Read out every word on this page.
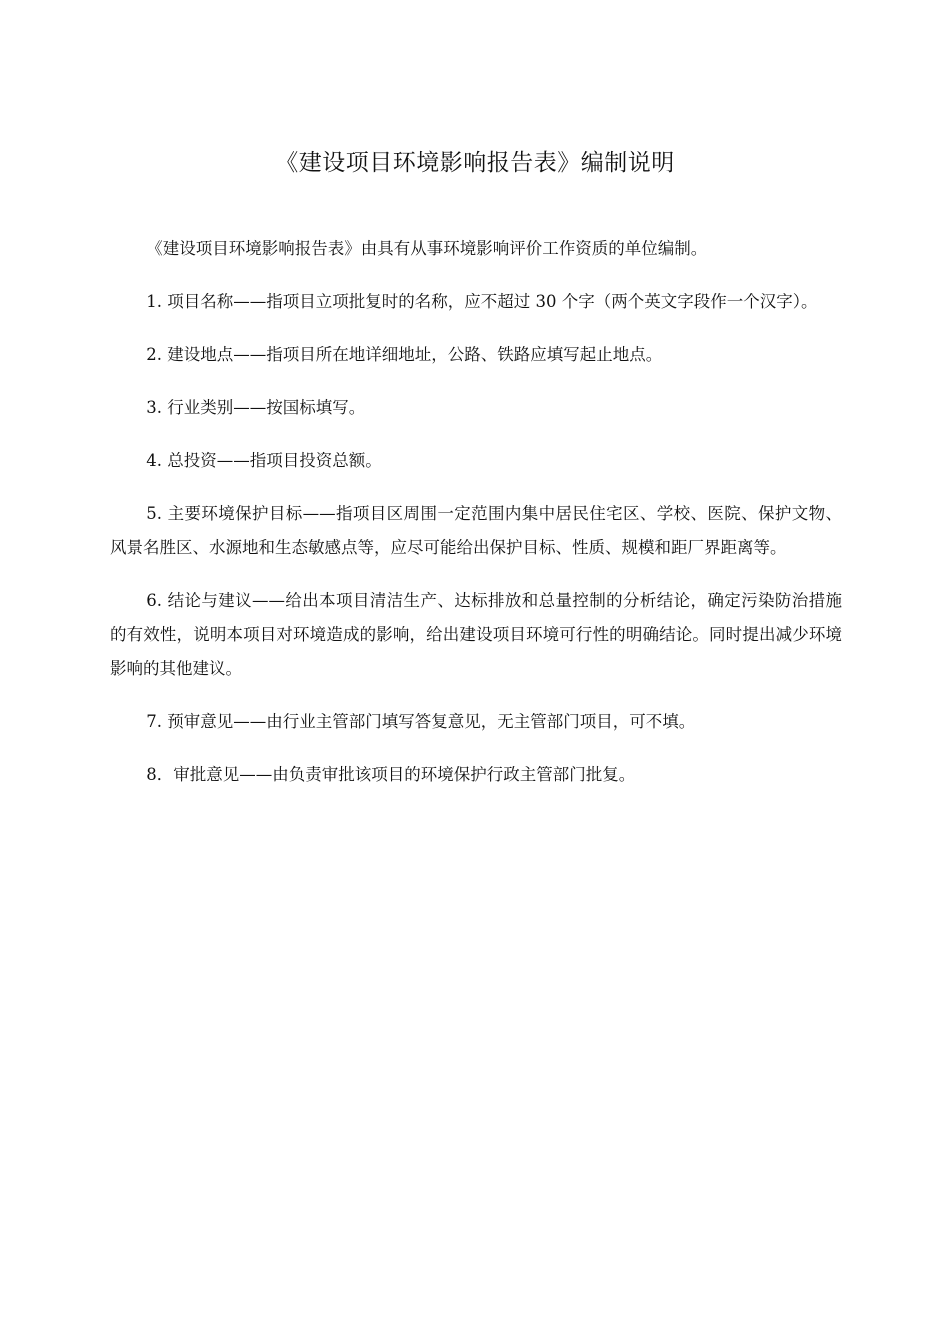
《建设项目环境影响报告表》编制说明

《建设项目环境影响报告表》由具有从事环境影响评价工作资质的单位编制。

1. 项目名称——指项目立项批复时的名称，应不超过 30 个字（两个英文字段作一个汉字）。

2. 建设地点——指项目所在地详细地址，公路、铁路应填写起止地点。

3. 行业类别——按国标填写。

4. 总投资——指项目投资总额。

5. 主要环境保护目标——指项目区周围一定范围内集中居民住宅区、学校、医院、保护文物、风景名胜区、水源地和生态敏感点等，应尽可能给出保护目标、性质、规模和距厂界距离等。

6. 结论与建议——给出本项目清洁生产、达标排放和总量控制的分析结论，确定污染防治措施的有效性，说明本项目对环境造成的影响，给出建设项目环境可行性的明确结论。同时提出减少环境影响的其他建议。

7. 预审意见——由行业主管部门填写答复意见，无主管部门项目，可不填。

8．审批意见——由负责审批该项目的环境保护行政主管部门批复。
